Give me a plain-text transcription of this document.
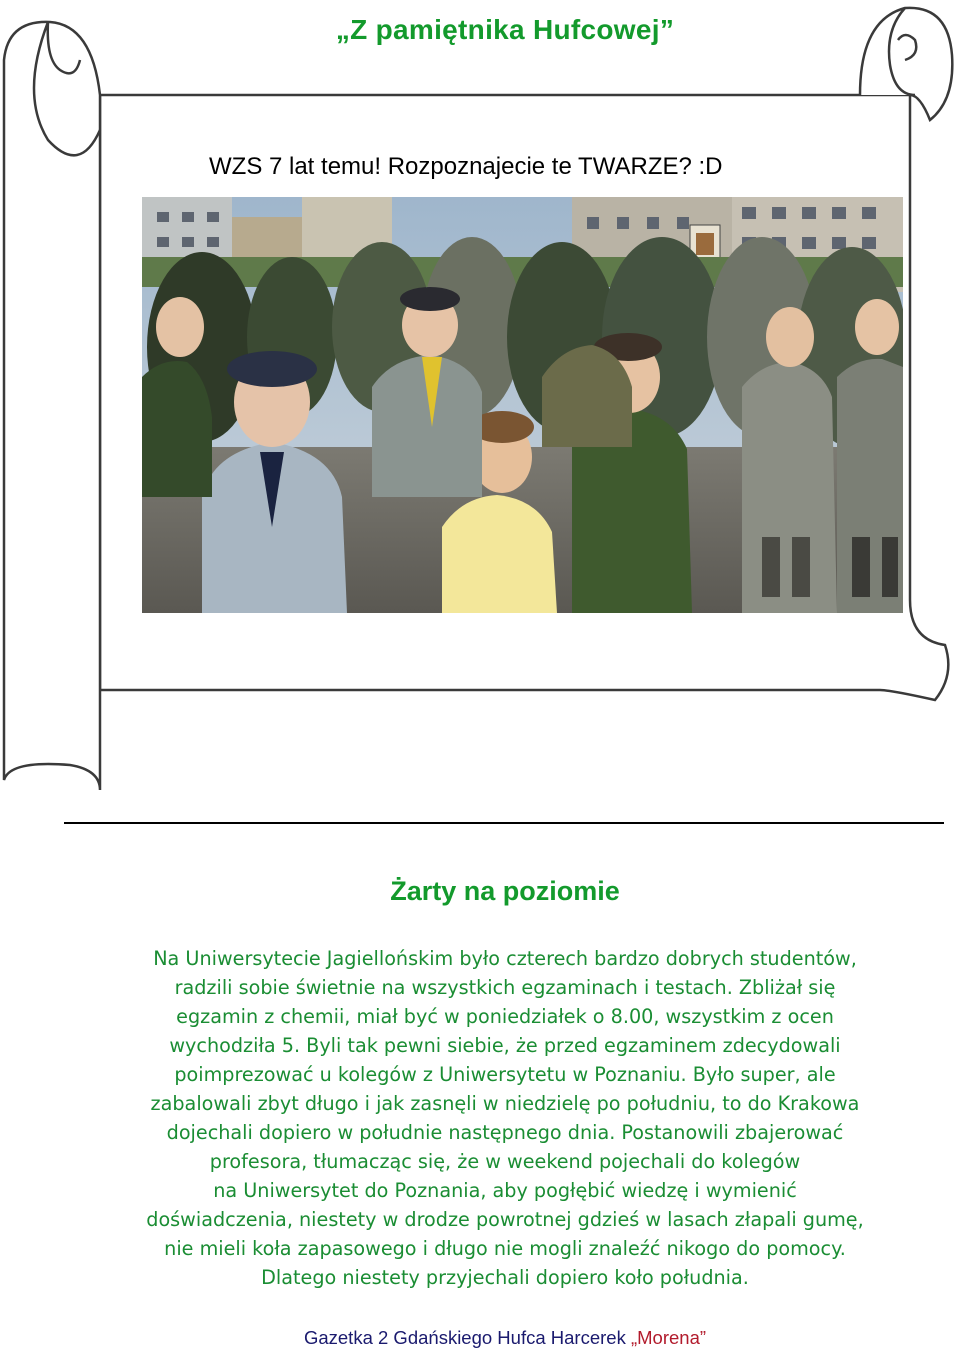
„Z pamiętnika Hufcowej”
WZS 7 lat temu! Rozpoznajecie te TWARZE? :D
Żarty na poziomie
Na Uniwersytecie Jagiellońskim było czterech bardzo dobrych studentów,
radzili sobie świetnie na wszystkich egzaminach i testach. Zbliżał się
egzamin z chemii, miał być w poniedziałek o 8.00, wszystkim z ocen
wychodziła 5. Byli tak pewni siebie, że przed egzaminem zdecydowali
poimprezować u kolegów z Uniwersytetu w Poznaniu. Było super, ale
zabalowali zbyt długo i jak zasnęli w niedzielę po południu, to do Krakowa
dojechali dopiero w południe następnego dnia. Postanowili zbajerować
profesora, tłumacząc się, że w weekend pojechali do kolegów
na Uniwersytet do Poznania, aby pogłębić wiedzę i wymienić
doświadczenia, niestety w drodze powrotnej gdzieś w lasach złapali gumę,
nie mieli koła zapasowego i długo nie mogli znaleźć nikogo do pomocy.
Dlatego niestety przyjechali dopiero koło południa.
Gazetka 2 Gdańskiego Hufca Harcerek „Morena”
